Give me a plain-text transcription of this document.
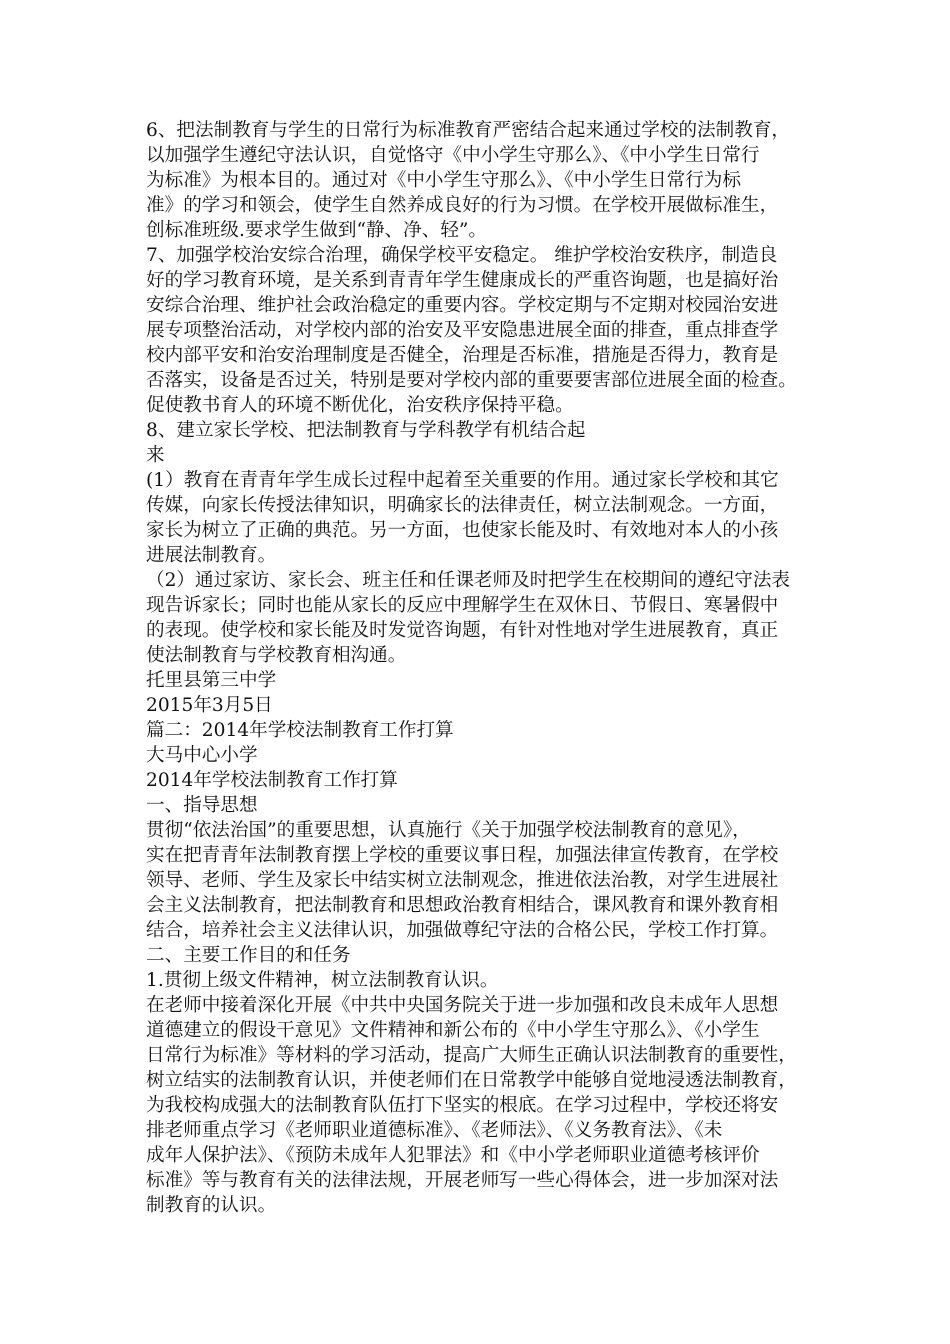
6、把法制教育与学生的日常行为标准教育严密结合起来通过学校的法制教育，

以加强学生遵纪守法认识，自觉恪守《中小学生守那么》、《中小学生日常行

为标准》为根本目的。通过对《中小学生守那么》、《中小学生日常行为标

准》的学习和领会，使学生自然养成良好的行为习惯。在学校开展做标准生，

创标准班级.要求学生做到“静、净、轻”。

7、加强学校治安综合治理，确保学校平安稳定。 维护学校治安秩序，制造良

好的学习教育环境，是关系到青青年学生健康成长的严重咨询题，也是搞好治

安综合治理、维护社会政治稳定的重要内容。学校定期与不定期对校园治安进

展专项整治活动，对学校内部的治安及平安隐患进展全面的排查，重点排查学

校内部平安和治安治理制度是否健全，治理是否标准，措施是否得力，教育是

否落实，设备是否过关，特别是要对学校内部的重要要害部位进展全面的检查。

促使教书育人的环境不断优化，治安秩序保持平稳。

8、建立家长学校、把法制教育与学科教学有机结合起

来

(1）教育在青青年学生成长过程中起着至关重要的作用。通过家长学校和其它

传媒，向家长传授法律知识，明确家长的法律责任，树立法制观念。一方面，

家长为树立了正确的典范。另一方面，也使家长能及时、有效地对本人的小孩

进展法制教育。

（2）通过家访、家长会、班主任和任课老师及时把学生在校期间的遵纪守法表

现告诉家长；同时也能从家长的反应中理解学生在双休日、节假日、寒暑假中

的表现。使学校和家长能及时发觉咨询题，有针对性地对学生进展教育，真正

使法制教育与学校教育相沟通。

托里县第三中学

2015年3月5日

篇二：2014年学校法制教育工作打算

大马中心小学

2014年学校法制教育工作打算

一、指导思想

贯彻“依法治国”的重要思想，认真施行《关于加强学校法制教育的意见》，

实在把青青年法制教育摆上学校的重要议事日程，加强法律宣传教育，在学校

领导、老师、学生及家长中结实树立法制观念，推进依法治教，对学生进展社

会主义法制教育，把法制教育和思想政治教育相结合，课风教育和课外教育相

结合，培养社会主义法律认识，加强做尊纪守法的合格公民，学校工作打算。

二、主要工作目的和任务

1.贯彻上级文件精神，树立法制教育认识。

在老师中接着深化开展《中共中央国务院关于进一步加强和改良未成年人思想

道德建立的假设干意见》文件精神和新公布的《中小学生守那么》、《小学生

日常行为标准》等材料的学习活动，提高广大师生正确认识法制教育的重要性，

树立结实的法制教育认识，并使老师们在日常教学中能够自觉地浸透法制教育，

为我校构成强大的法制教育队伍打下坚实的根底。在学习过程中，学校还将安

排老师重点学习《老师职业道德标准》、《老师法》、《义务教育法》、《未

成年人保护法》、《预防未成年人犯罪法》和《中小学老师职业道德考核评价

标准》等与教育有关的法律法规，开展老师写一些心得体会，进一步加深对法

制教育的认识。
